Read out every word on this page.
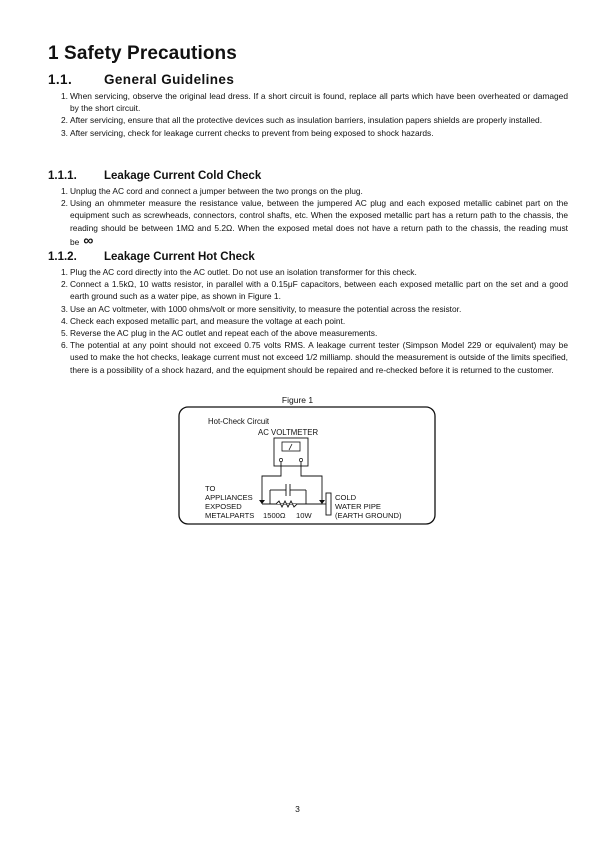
1 Safety Precautions
1.1. General Guidelines
1. When servicing, observe the original lead dress. If a short circuit is found, replace all parts which have been overheated or damaged by the short circuit.
2. After servicing, ensure that all the protective devices such as insulation barriers, insulation papers shields are properly installed.
3. After servicing, check for leakage current checks to prevent from being exposed to shock hazards.
1.1.1. Leakage Current Cold Check
1. Unplug the AC cord and connect a jumper between the two prongs on the plug.
2. Using an ohmmeter measure the resistance value, between the jumpered AC plug and each exposed metallic cabinet part on the equipment such as screwheads, connectors, control shafts, etc. When the exposed metallic part has a return path to the chassis, the reading should be between 1MΩ and 5.2Ω. When the exposed metal does not have a return path to the chassis, the reading must be ∞
1.1.2. Leakage Current Hot Check
1. Plug the AC cord directly into the AC outlet. Do not use an isolation transformer for this check.
2. Connect a 1.5kΩ, 10 watts resistor, in parallel with a 0.15μF capacitors, between each exposed metallic part on the set and a good earth ground such as a water pipe, as shown in Figure 1.
3. Use an AC voltmeter, with 1000 ohms/volt or more sensitivity, to measure the potential across the resistor.
4. Check each exposed metallic part, and measure the voltage at each point.
5. Reverse the AC plug in the AC outlet and repeat each of the above measurements.
6. The potential at any point should not exceed 0.75 volts RMS. A leakage current tester (Simpson Model 229 or equivalent) may be used to make the hot checks, leakage current must not exceed 1/2 milliamp. should the measurement is outside of the limits specified, there is a possibility of a shock hazard, and the equipment should be repaired and re-checked before it is returned to the customer.
Figure 1
Hot-Check Circuit
AC VOLTMETER
TO
APPLIANCES
EXPOSED
METALPARTS 1500Ω 10W
COLD
WATER PIPE
(EARTH GROUND)
3
